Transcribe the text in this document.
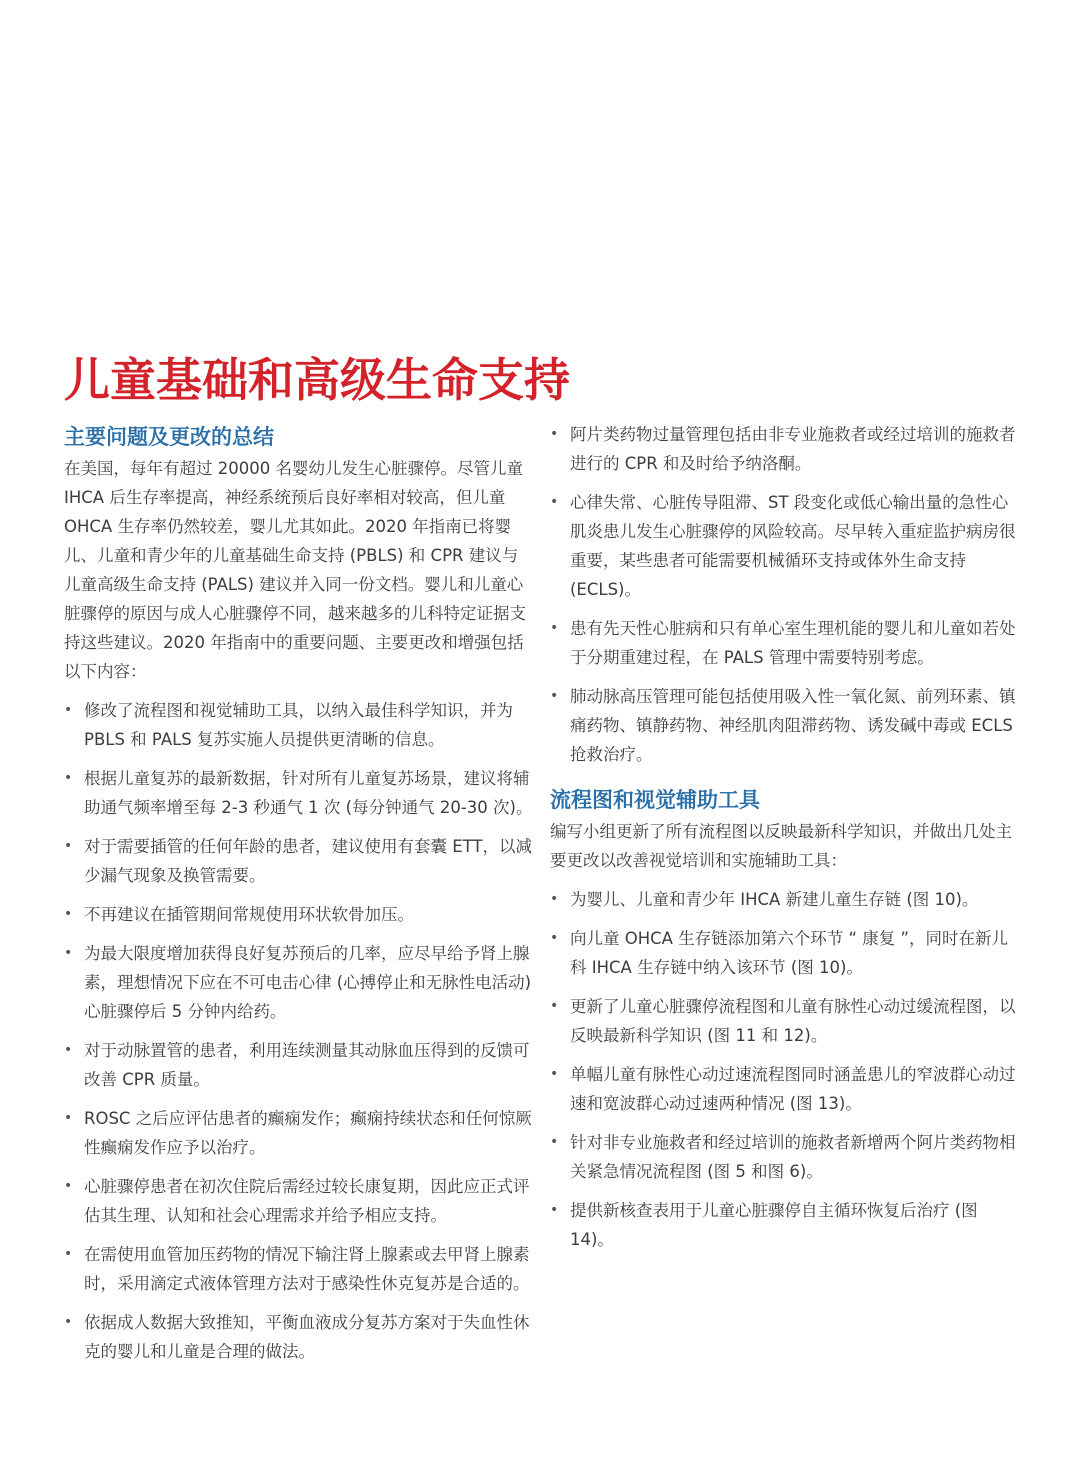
儿童基础和高级生命支持
主要问题及更改的总结

在美国，每年有超过 20000 名婴幼儿发生心脏骤停。尽管儿童 IHCA 后生存率提高，神经系统预后良好率相对较高，但儿童 OHCA 生存率仍然较差，婴儿尤其如此。2020 年指南已将婴儿、儿童和青少年的儿童基础生命支持 (PBLS) 和 CPR 建议与儿童高级生命支持 (PALS) 建议并入同一份文档。婴儿和儿童心脏骤停的原因与成人心脏骤停不同，越来越多的儿科特定证据支持这些建议。2020 年指南中的重要问题、主要更改和增强包括以下内容：

• 修改了流程图和视觉辅助工具，以纳入最佳科学知识，并为 PBLS 和 PALS 复苏实施人员提供更清晰的信息。
• 根据儿童复苏的最新数据，针对所有儿童复苏场景，建议将辅助通气频率增至每 2-3 秒通气 1 次 (每分钟通气 20-30 次)。
• 对于需要插管的任何年龄的患者，建议使用有套囊 ETT，以减少漏气现象及换管需要。
• 不再建议在插管期间常规使用环状软骨加压。
• 为最大限度增加获得良好复苏预后的几率，应尽早给予肾上腺素，理想情况下应在不可电击心律 (心搏停止和无脉性电活动) 心脏骤停后 5 分钟内给药。
• 对于动脉置管的患者，利用连续测量其动脉血压得到的反馈可改善 CPR 质量。
• ROSC 之后应评估患者的癫痫发作；癫痫持续状态和任何惊厥性癫痫发作应予以治疗。
• 心脏骤停患者在初次住院后需经过较长康复期，因此应正式评估其生理、认知和社会心理需求并给予相应支持。
• 在需使用血管加压药物的情况下输注肾上腺素或去甲肾上腺素时，采用滴定式液体管理方法对于感染性休克复苏是合适的。
• 依据成人数据大致推知，平衡血液成分复苏方案对于失血性休克的婴儿和儿童是合理的做法。
• 阿片类药物过量管理包括由非专业施救者或经过培训的施救者进行的 CPR 和及时给予纳洛酮。
• 心律失常、心脏传导阻滞、ST 段变化或低心输出量的急性心肌炎患儿发生心脏骤停的风险较高。尽早转入重症监护病房很重要，某些患者可能需要机械循环支持或体外生命支持 (ECLS)。
• 患有先天性心脏病和只有单心室生理机能的婴儿和儿童如若处于分期重建过程，在 PALS 管理中需要特别考虑。
• 肺动脉高压管理可能包括使用吸入性一氧化氮、前列环素、镇痛药物、镇静药物、神经肌肉阻滞药物、诱发碱中毒或 ECLS 抢救治疗。
流程图和视觉辅助工具

编写小组更新了所有流程图以反映最新科学知识，并做出几处主要更改以改善视觉培训和实施辅助工具：

• 为婴儿、儿童和青少年 IHCA 新建儿童生存链 (图 10)。
• 向儿童 OHCA 生存链添加第六个环节 “ 康复 ”，同时在新儿科 IHCA 生存链中纳入该环节 (图 10)。
• 更新了儿童心脏骤停流程图和儿童有脉性心动过缓流程图，以反映最新科学知识 (图 11 和 12)。
• 单幅儿童有脉性心动过速流程图同时涵盖患儿的窄波群心动过速和宽波群心动过速两种情况 (图 13)。
• 针对非专业施救者和经过培训的施救者新增两个阿片类药物相关紧急情况流程图 (图 5 和图 6)。
• 提供新核查表用于儿童心脏骤停自主循环恢复后治疗 (图 14)。
